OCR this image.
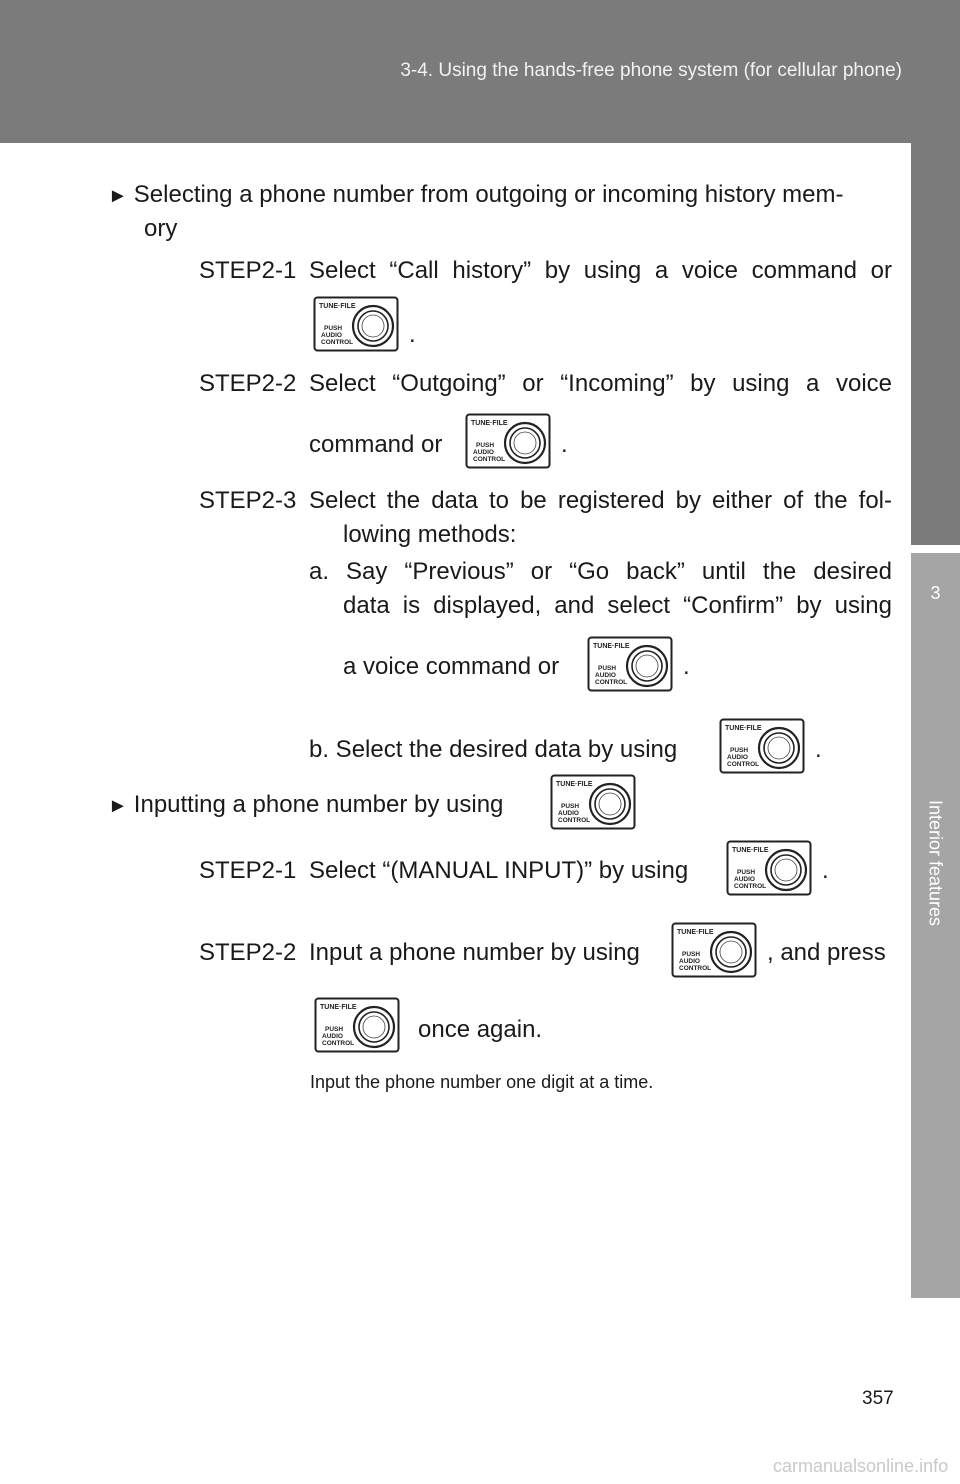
3-4. Using the hands-free phone system (for cellular phone)
3
Interior features
► Selecting a phone number from outgoing or incoming history mem-
ory
STEP2-1 Select “Call history” by using a voice command or
TUNE·FILE
PUSH
AUDIO
CONTROL .
STEP2-2 Select “Outgoing” or “Incoming” by using a voice
command or
TUNE·FILE
PUSH
AUDIO
CONTROL
.
STEP2-3 Select the data to be registered by either of the fol-
lowing methods:
a. Say “Previous” or “Go back” until the desired
data is displayed, and select “Confirm” by using
a voice command or
TUNE·FILE
PUSH
AUDIO
CONTROL
.
b. Select the desired data by using
TUNE·FILE
PUSH
AUDIO
CONTROL
.
► Inputting a phone number by using
TUNE·FILE
PUSH
AUDIO
CONTROL
STEP2-1 Select “(MANUAL INPUT)” by using
TUNE·FILE
PUSH
AUDIO
CONTROL
.
STEP2-2 Input a phone number by using
TUNE·FILE
PUSH
AUDIO
CONTROL
, and press
TUNE·FILE
PUSH
AUDIO
CONTROL
once again.
Input the phone number one digit at a time.
357
carmanualsonline.info
